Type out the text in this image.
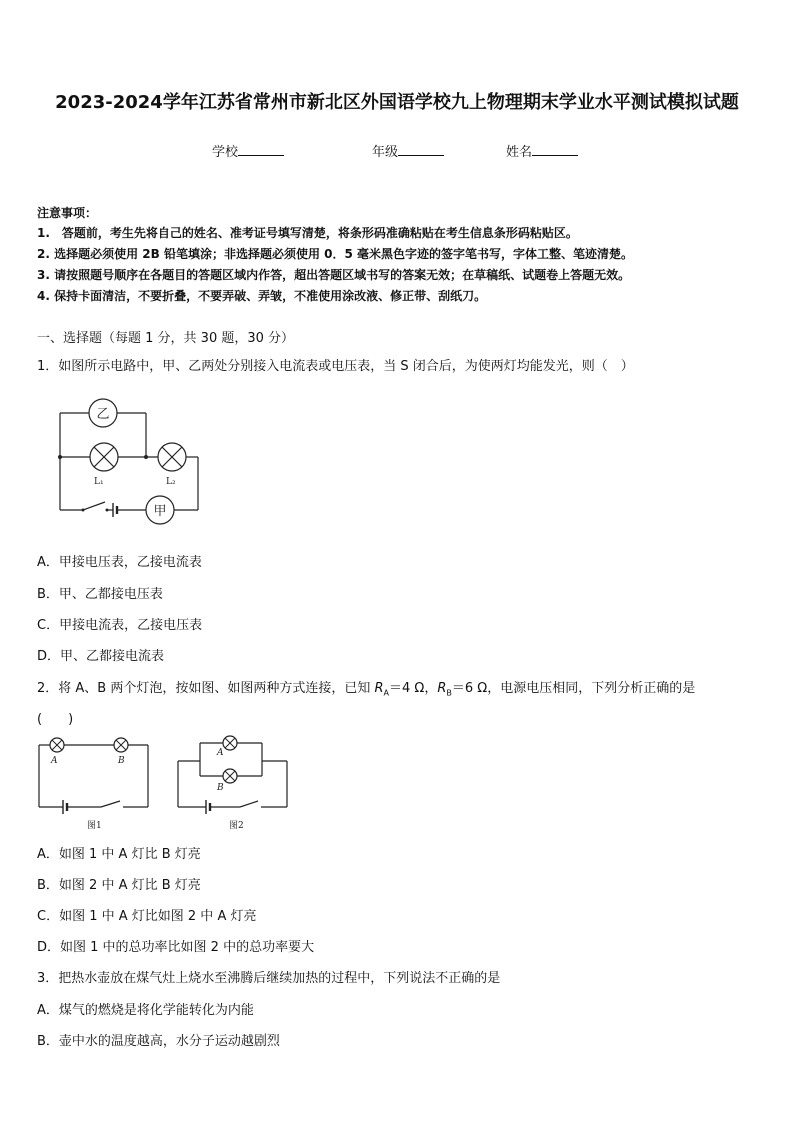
2023-2024学年江苏省常州市新北区外国语学校九上物理期末学业水平测试模拟试题
学校	年级	姓名
注意事项：
1.　答题前，考生先将自己的姓名、准考证号填写清楚，将条形码准确粘贴在考生信息条形码粘贴区。
2. 选择题必须使用 2B 铅笔填涂；非选择题必须使用 0．5 毫米黑色字迹的签字笔书写，字体工整、笔迹清楚。
3. 请按照题号顺序在各题目的答题区域内作答，超出答题区域书写的答案无效；在草稿纸、试题卷上答题无效。
4. 保持卡面清洁，不要折叠，不要弄破、弄皱，不准使用涂改液、修正带、刮纸刀。
一、选择题（每题 1 分，共 30 题，30 分）
1．如图所示电路中，甲、乙两处分别接入电流表或电压表，当 S 闭合后，为使两灯均能发光，则（　）
乙
L₁	L₂
甲
A．甲接电压表，乙接电流表
B．甲、乙都接电压表
C．甲接电流表，乙接电压表
D．甲、乙都接电流表
2．将 A、B 两个灯泡，按如图、如图两种方式连接，已知 $R_A=4$ Ω，$R_B=6$ Ω，电源电压相同，下列分析正确的是
(　　)
A	B
图1
A
B
图2
A．如图 1 中 A 灯比 B 灯亮
B．如图 2 中 A 灯比 B 灯亮
C．如图 1 中 A 灯比如图 2 中 A 灯亮
D．如图 1 中的总功率比如图 2 中的总功率要大
3．把热水壶放在煤气灶上烧水至沸腾后继续加热的过程中，下列说法不正确的是
A．煤气的燃烧是将化学能转化为内能
B．壶中水的温度越高，水分子运动越剧烈
